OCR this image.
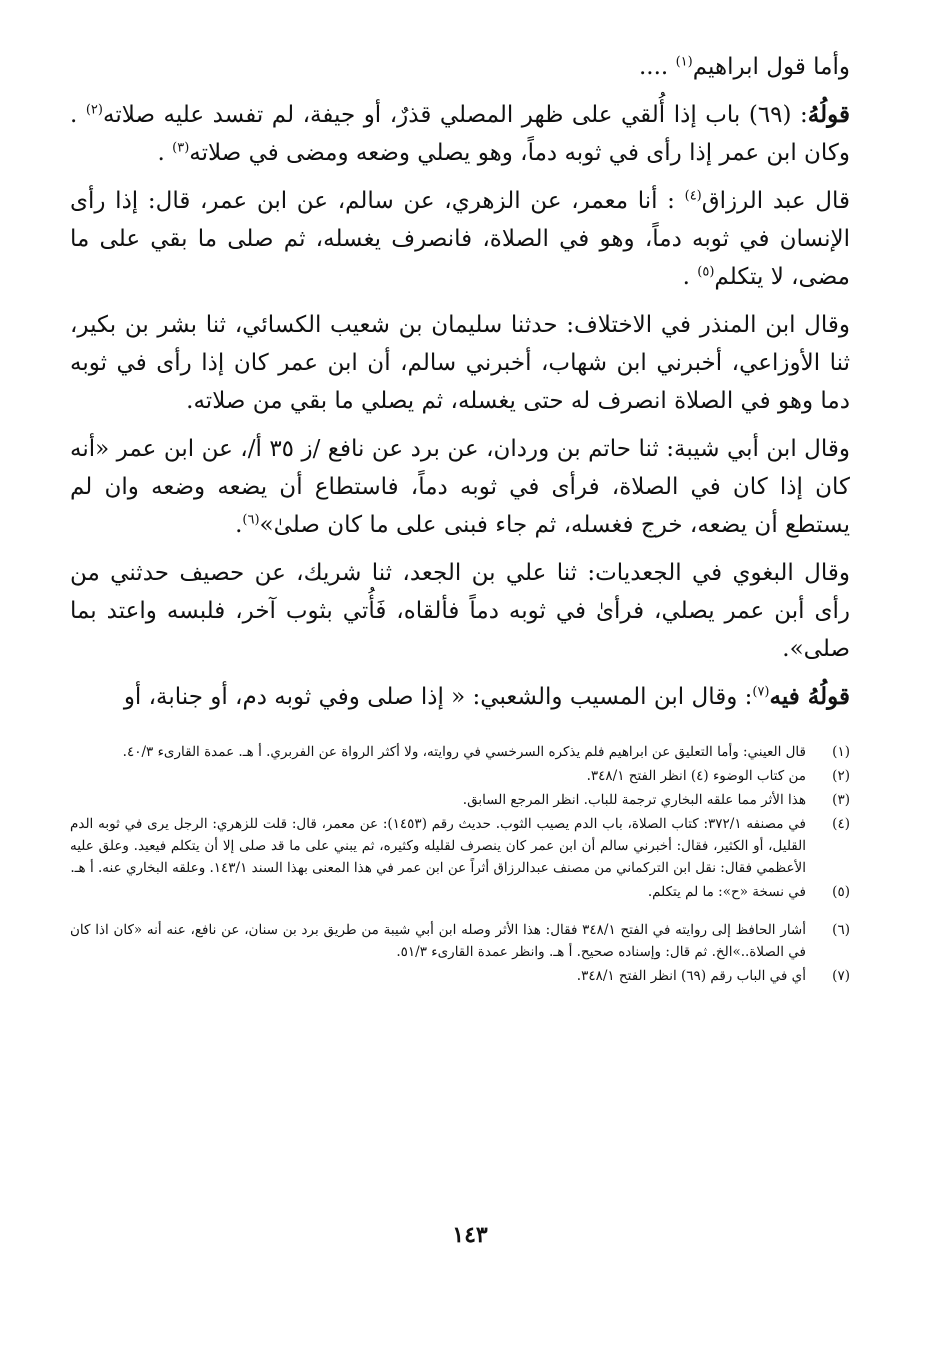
وأما قول ابراهيم$^{(١)}$ ....

قولُهُ: (٦٩) باب إذا أُلقي على ظهر المصلي قذرٌ، أو جيفة، لم تفسد عليه صلاته$^{(٢)}$ . وكان ابن عمر إذا رأى في ثوبه دماً، وهو يصلي وضعه ومضى في صلاته$^{(٣)}$ .

قال عبد الرزاق$^{(٤)}$ : أنا معمر، عن الزهري، عن سالم، عن ابن عمر، قال: إذا رأى الإنسان في ثوبه دماً، وهو في الصلاة، فانصرف يغسله، ثم صلى ما بقي على ما مضى، لا يتكلم$^{(٥)}$ .

وقال ابن المنذر في الاختلاف: حدثنا سليمان بن شعيب الكسائي، ثنا بشر بن بكير، ثنا الأوزاعي، أخبرني ابن شهاب، أخبرني سالم، أن ابن عمر كان إذا رأى في ثوبه دما وهو في الصلاة انصرف له حتى يغسله، ثم يصلي ما بقي من صلاته.

وقال ابن أبي شيبة: ثنا حاتم بن وردان، عن برد عن نافع /ز ٣٥ أ/، عن ابن عمر «أنه كان إذا كان في الصلاة، فرأى في ثوبه دماً، فاستطاع أن يضعه وضعه وان لم يستطع أن يضعه، خرج فغسله، ثم جاء فبنى على ما كان صلىٰ»$^{(٦)}$.

وقال البغوي في الجعديات: ثنا علي بن الجعد، ثنا شريك، عن حصيف حدثني من رأى أبن عمر يصلي، فرأىٰ في ثوبه دماً فألقاه، فَأُتي بثوب آخر، فلبسه واعتد بما صلى».

قولُهُ فيه$^{(٧)}$: وقال ابن المسيب والشعبي: « إذا صلى وفي ثوبه دم، أو جنابة، أو

(١)
قال العيني: وأما التعليق عن ابراهيم فلم يذكره السرخسي في روايته، ولا أكثر الرواة عن الفربري. أ هـ. عمدة القارىء ٤٠/٣.
(٢)
من كتاب الوضوء (٤) انظر الفتح ٣٤٨/١.
(٣)
هذا الأثر مما علقه البخاري ترجمة للباب. انظر المرجع السابق.
(٤)
في مصنفه ٣٧٢/١: كتاب الصلاة، باب الدم يصيب الثوب. حديث رقم (١٤٥٣): عن معمر، قال: قلت للزهري: الرجل يرى في ثوبه الدم القليل، أو الكثير، فقال: أخبرني سالم أن ابن عمر كان ينصرف لقليله وكثيره، ثم يبني على ما قد صلى إلا أن يتكلم فيعيد. وعلق عليه الأعظمي فقال: نقل ابن التركماني من مصنف عبدالرزاق أثراً عن ابن عمر في هذا المعنى بهذا السند ١٤٣/١. وعلقه البخاري عنه. أ هـ.
(٥)
في نسخة «ح»: ما لم يتكلم.
(٦)
أشار الحافظ إلى روايته في الفتح ٣٤٨/١ فقال: هذا الأثر وصله ابن أبي شيبة من طريق برد بن سنان، عن نافع، عنه أنه «كان اذا كان في الصلاة..»الخ. ثم قال: وإسناده صحيح. أ هـ. وانظر عمدة القارىء ٥١/٣.
(٧)
أي في الباب رقم (٦٩) انظر الفتح ٣٤٨/١.
١٤٣
